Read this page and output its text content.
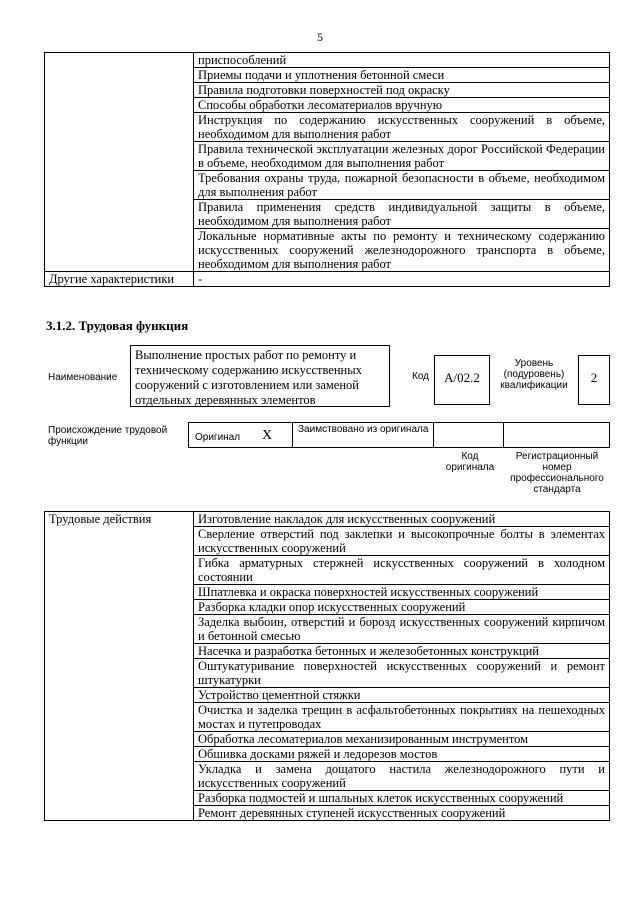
5
	приспособлений
	Приемы подачи и уплотнения бетонной смеси
	Правила подготовки поверхностей под окраску
	Способы обработки лесоматериалов вручную
	Инструкция по содержанию искусственных сооружений в объеме, необходимом для выполнения работ
	Правила технической эксплуатации железных дорог Российской Федерации в объеме, необходимом для выполнения работ
	Требования охраны труда, пожарной безопасности в объеме, необходимом для выполнения работ
	Правила применения средств индивидуальной защиты в объеме, необходимом для выполнения работ
	Локальные нормативные акты по ремонту и техническому содержанию искусственных сооружений железнодорожного транспорта в объеме, необходимом для выполнения работ
Другие характеристики	-
3.1.2. Трудовая функция
Наименование
Выполнение простых работ по ремонту и техническому содержанию искусственных сооружений с изготовлением или заменой отдельных деревянных элементов
Код	А/02.2
Уровень (подуровень) квалификации
2
Происхождение трудовой функции	Оригинал X	Заимствовано из оригинала
Код оригинала
Регистрационный номер профессионального стандарта
Трудовые действия	Изготовление накладок для искусственных сооружений
Сверление отверстий под заклепки и высокопрочные болты в элементах искусственных сооружений
Гибка арматурных стержней искусственных сооружений в холодном состоянии
Шпатлевка и окраска поверхностей искусственных сооружений
Разборка кладки опор искусственных сооружений
Заделка выбоин, отверстий и борозд искусственных сооружений кирпичом и бетонной смесью
Насечка и разработка бетонных и железобетонных конструкций
Оштукатуривание поверхностей искусственных сооружений и ремонт штукатурки
Устройство цементной стяжки
Очистка и заделка трещин в асфальтобетонных покрытиях на пешеходных мостах и путепроводах
Обработка лесоматериалов механизированным инструментом
Обшивка досками ряжей и ледорезов мостов
Укладка и замена дощатого настила железнодорожного пути и искусственных сооружений
Разборка подмостей и шпальных клеток искусственных сооружений
Ремонт деревянных ступеней искусственных сооружений
